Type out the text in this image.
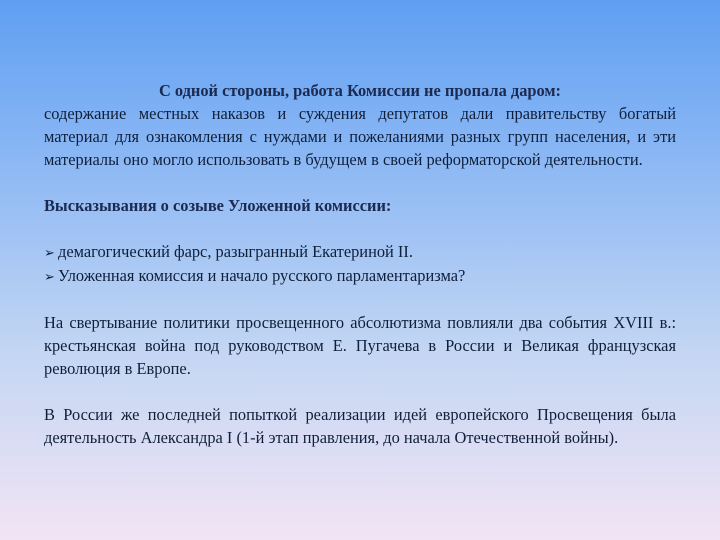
С одной стороны, работа Комиссии не пропала даром:

содержание местных наказов и суждения депутатов дали правительству богатый материал для ознакомления с нуждами и пожеланиями разных групп населения, и эти материалы оно могло использовать в будущем в своей реформаторской деятельности.

Высказывания о созыве Уложенной комиссии:

➢ демагогический фарс, разыгранный Екатериной II.
➢ Уложенная комиссия и начало русского парламентаризма?

На свертывание политики просвещенного абсолютизма повлияли два события XVIII в.: крестьянская война под руководством Е. Пугачева в России и Великая французская революция в Европе.

В России же последней попыткой реализации идей европейского Просвещения была деятельность Александра I (1-й этап правления, до начала Отечественной войны).
